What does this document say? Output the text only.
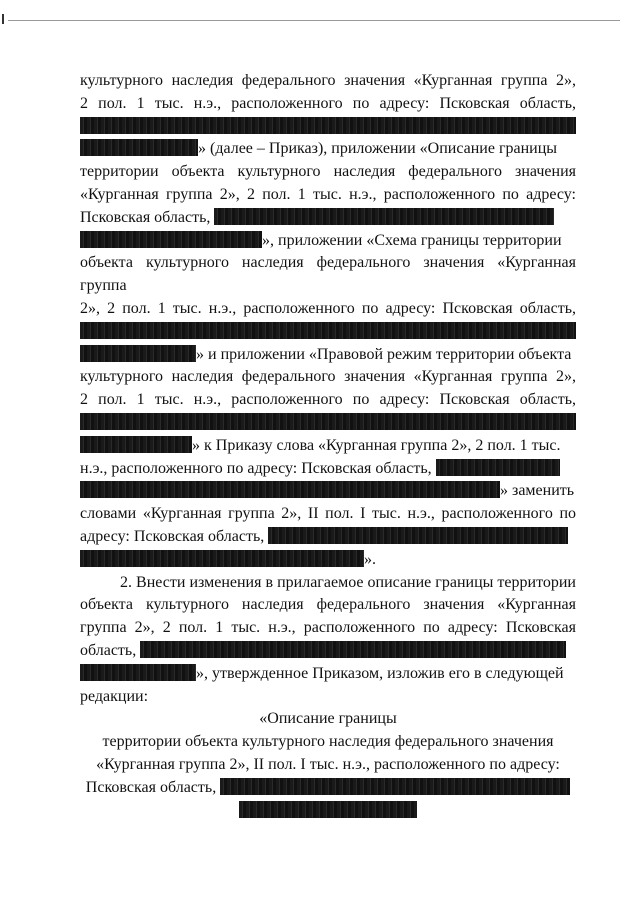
культурного наследия федерального значения «Курганная группа 2»,

2 пол. 1 тыс. н.э., расположенного по адресу: Псковская область,

» (далее – Приказ), приложении «Описание границы

территории объекта культурного наследия федерального значения

«Курганная группа 2», 2 пол. 1 тыс. н.э., расположенного по адресу:

Псковская область,

», приложении «Схема границы территории

объекта культурного наследия федерального значения «Курганная группа

2», 2 пол. 1 тыс. н.э., расположенного по адресу: Псковская область,

» и приложении «Правовой режим территории объекта

культурного наследия федерального значения «Курганная группа 2»,

2 пол. 1 тыс. н.э., расположенного по адресу: Псковская область,

» к Приказу слова «Курганная группа 2», 2 пол. 1 тыс.

н.э., расположенного по адресу: Псковская область,

» заменить

словами «Курганная группа 2», II пол. I тыс. н.э., расположенного по

адресу: Псковская область,

».

2. Внести изменения в прилагаемое описание границы территории

объекта культурного наследия федерального значения «Курганная

группа 2», 2 пол. 1 тыс. н.э., расположенного по адресу: Псковская

область,

», утвержденное Приказом, изложив его в следующей

редакции:

«Описание границы

территории объекта культурного наследия федерального значения

«Курганная группа 2», II пол. I тыс. н.э., расположенного по адресу:

Псковская область,
